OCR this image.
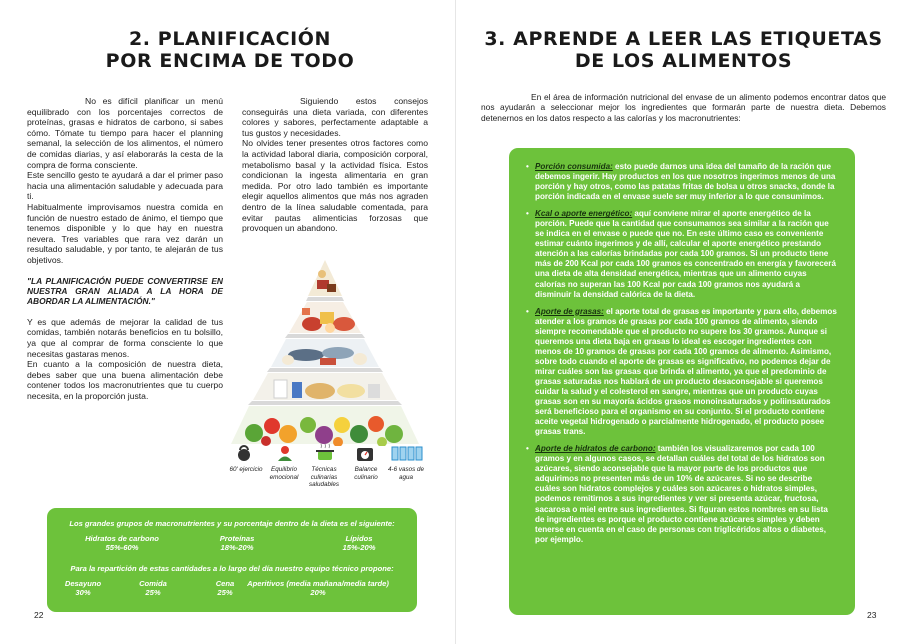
2. PLANIFICACIÓN
POR ENCIMA DE TODO

No es difícil planificar un menú equilibrado con los porcentajes correctos de proteínas, grasas e hidratos de carbono, si sabes cómo. Tómate tu tiempo para hacer el planning semanal, la selección de los alimentos, el número de comidas diarias, y así elaborarás la cesta de la compra de forma consciente.

Este sencillo gesto te ayudará a dar el primer paso hacia una alimentación saludable y adecuada para ti.

Habitualmente improvisamos nuestra comida en función de nuestro estado de ánimo, el tiempo que tenemos disponible y lo que hay en nuestra nevera. Tres variables que rara vez darán un resultado saludable, y por tanto, te alejarán de tus objetivos.

"LA PLANIFICACIÓN PUEDE CONVERTIRSE EN NUESTRA GRAN ALIADA A LA HORA DE ABORDAR LA ALIMENTACIÓN."

Y es que además de mejorar la calidad de tus comidas, también notarás beneficios en tu bolsillo, ya que al comprar de forma consciente lo que necesitas gastaras menos.

En cuanto a la composición de nuestra dieta, debes saber que una buena alimentación debe contener todos los macronutrientes que tu cuerpo necesita, en la proporción justa.

Siguiendo estos consejos conseguirás una dieta variada, con diferentes colores y sabores, perfectamente adaptable a tus gustos y necesidades.

No olvides tener presentes otros factores como la actividad laboral diaria, composición corporal, metabolismo basal y la actividad física. Estos condicionan la ingesta alimentaria en gran medida. Por otro lado también es importante elegir aquellos alimentos que más nos agraden dentro de la línea saludable comentada, para evitar pautas alimenticias forzosas que provoquen un abandono.

60' ejercicio	Equilibrio emocional
Técnicas culinarias saludables
Balance culinario
4-6 vasos de agua
Los grandes grupos de macronutrientes y su porcentaje dentro de la dieta es el siguiente:
Hidratos de carbono
55%-60%
Proteínas
18%-20%
Lípidos
15%-20%
Para la repartición de estas cantidades a lo largo del día nuestro equipo técnico propone:
Desayuno
30%
Comida
25%
Cena
25%
Aperitivos (media mañana/media tarde)
20%
22
3. APRENDE A LEER LAS ETIQUETAS
DE LOS ALIMENTOS

En el área de información nutricional del envase de un alimento podemos encontrar datos que nos ayudarán a seleccionar mejor los ingredientes que formarán parte de nuestra dieta. Debemos detenernos en los datos respecto a las calorías y los macronutrientes:

• Porción consumida: esto puede darnos una idea del tamaño de la ración que debemos ingerir. Hay productos en los que nosotros ingerimos menos de una porción y hay otros, como las patatas fritas de bolsa u otros snacks, donde la porción indicada en el envase suele ser muy inferior a lo que consumimos.
• Kcal o aporte energético: aquí conviene mirar el aporte energético de la porción. Puede que la cantidad que consumamos sea similar a la ración que se indica en el envase o puede que no. En este último caso es conveniente estimar cuánto ingerimos y de allí, calcular el aporte energético prestando atención a las calorías brindadas por cada 100 gramos. Si un producto tiene más de 200 Kcal por cada 100 gramos es concentrado en energía y favorecerá una dieta de alta densidad energética, mientras que un alimento cuyas calorías no superan las 100 Kcal por cada 100 gramos nos ayudará a disminuir la densidad calórica de la dieta.
• Aporte de grasas: el aporte total de grasas es importante y para ello, debemos atender a los gramos de grasas por cada 100 gramos de alimento, siendo siempre recomendable que el producto no supere los 30 gramos. Aunque si queremos una dieta baja en grasas lo ideal es escoger ingredientes con menos de 10 gramos de grasas por cada 100 gramos de alimento. Asimismo, sobre todo cuando el aporte de grasas es significativo, no podemos dejar de mirar cuáles son las grasas que brinda el alimento, ya que el predominio de grasas saturadas nos hablará de un producto desaconsejable si queremos cuidar la salud y el colesterol en sangre, mientras que un producto cuyas grasas son en su mayoría ácidos grasos monoinsaturados y poliinsaturados será beneficioso para el organismo en su conjunto. Si el producto contiene aceite vegetal hidrogenado o parcialmente hidrogenado, el producto posee grasas trans.
• Aporte de hidratos de carbono: también los visualizaremos por cada 100 gramos y en algunos casos, se detallan cuáles del total de los hidratos son azúcares, siendo aconsejable que la mayor parte de los productos que adquirimos no presenten más de un 10% de azúcares. Si no se describe cuáles son hidratos complejos y cuáles son azúcares o hidratos simples, podemos remitirnos a sus ingredientes y ver si presenta azúcar, fructosa, sacarosa o miel entre sus ingredientes. Si figuran estos nombres en su lista de ingredientes es porque el producto contiene azúcares simples y deben tenerse en cuenta en el caso de personas con triglicéridos altos o diabetes, por ejemplo.
23
